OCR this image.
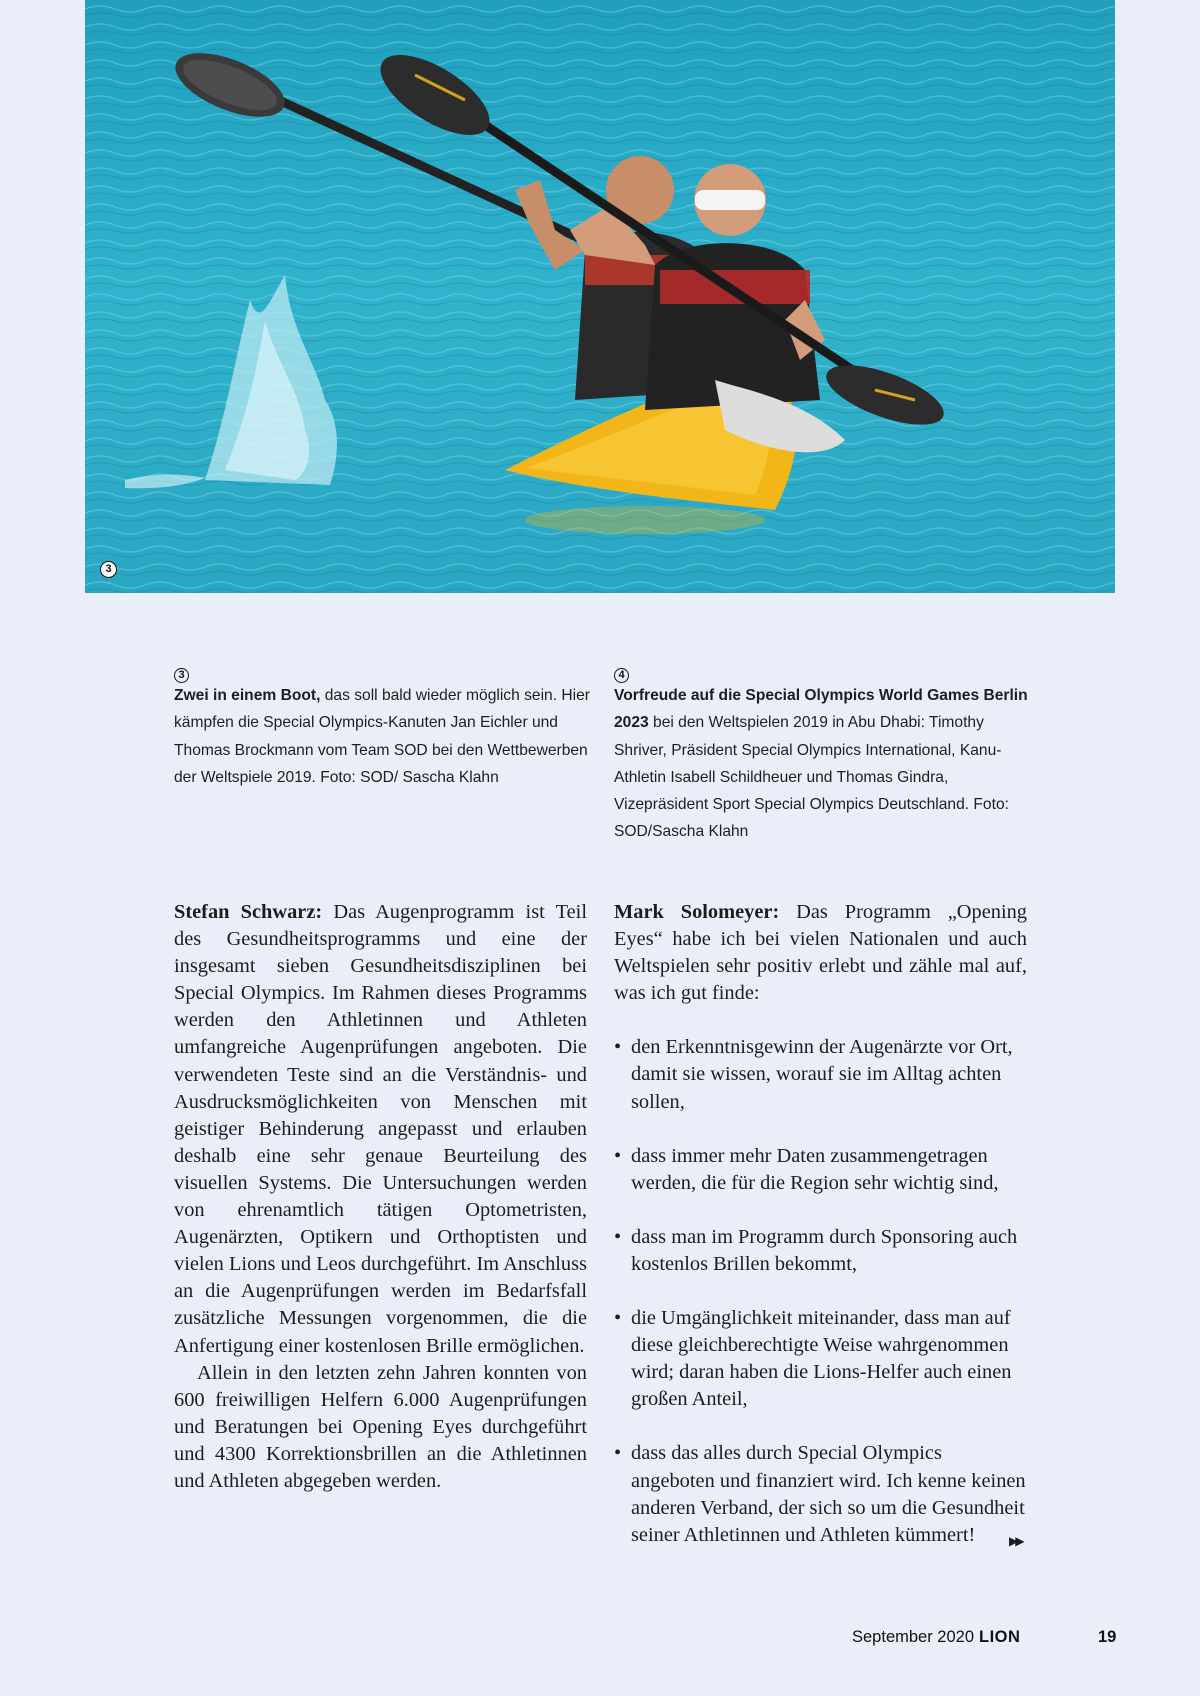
3
3

Zwei in einem Boot, das soll bald wieder möglich sein. Hier kämpfen die Special Olympics-Kanuten Jan Eichler und Thomas Brockmann vom Team SOD bei den Wettbewerben der Weltspiele 2019. Foto: SOD/ Sascha Klahn

4

Vorfreude auf die Special Olympics World Games Berlin 2023 bei den Weltspielen 2019 in Abu Dhabi: Timothy Shriver, Präsident Special Olympics International, Kanu-Athletin Isabell Schildheuer und Thomas Gindra, Vizepräsident Sport Special Olympics Deutschland. Foto: SOD/Sascha Klahn

Stefan Schwarz: Das Augenprogramm ist Teil des Gesundheitsprogramms und eine der insgesamt sieben Gesundheitsdisziplinen bei Special Olympics. Im Rahmen dieses Programms werden den Athletinnen und Athleten umfangreiche Augenprüfungen angeboten. Die verwendeten Teste sind an die Verständnis- und Ausdrucksmöglichkeiten von Menschen mit geistiger Behinderung angepasst und erlauben deshalb eine sehr genaue Beurteilung des visuellen Systems. Die Untersuchungen werden von ehrenamtlich tätigen Optometristen, Augenärzten, Optikern und Orthoptisten und vielen Lions und Leos durchgeführt. Im Anschluss an die Augenprüfungen werden im Bedarfsfall zusätzliche Messungen vorgenommen, die die Anfertigung einer kostenlosen Brille ermöglichen.

Allein in den letzten zehn Jahren konnten von 600 freiwilligen Helfern 6.000 Augenprüfungen und Beratungen bei Opening Eyes durchgeführt und 4300 Korrektionsbrillen an die Athletinnen und Athleten abgegeben werden.

Mark Solomeyer: Das Programm „Opening Eyes“ habe ich bei vielen Nationalen und auch Weltspielen sehr positiv erlebt und zähle mal auf, was ich gut finde:

• den Erkenntnisgewinn der Augenärzte vor Ort, damit sie wissen, worauf sie im Alltag achten sollen,
• dass immer mehr Daten zusammengetragen werden, die für die Region sehr wichtig sind,
• dass man im Programm durch Sponsoring auch kostenlos Brillen bekommt,
• die Umgänglichkeit miteinander, dass man auf diese gleichberechtigte Weise wahrgenommen wird; daran haben die Lions-Helfer auch einen großen Anteil,
• dass das alles durch Special Olympics angeboten und finanziert wird. Ich kenne keinen anderen Verband, der sich so um die Gesundheit seiner Athletinnen und Athleten kümmert!	▶▶
September 2020 LION	19
